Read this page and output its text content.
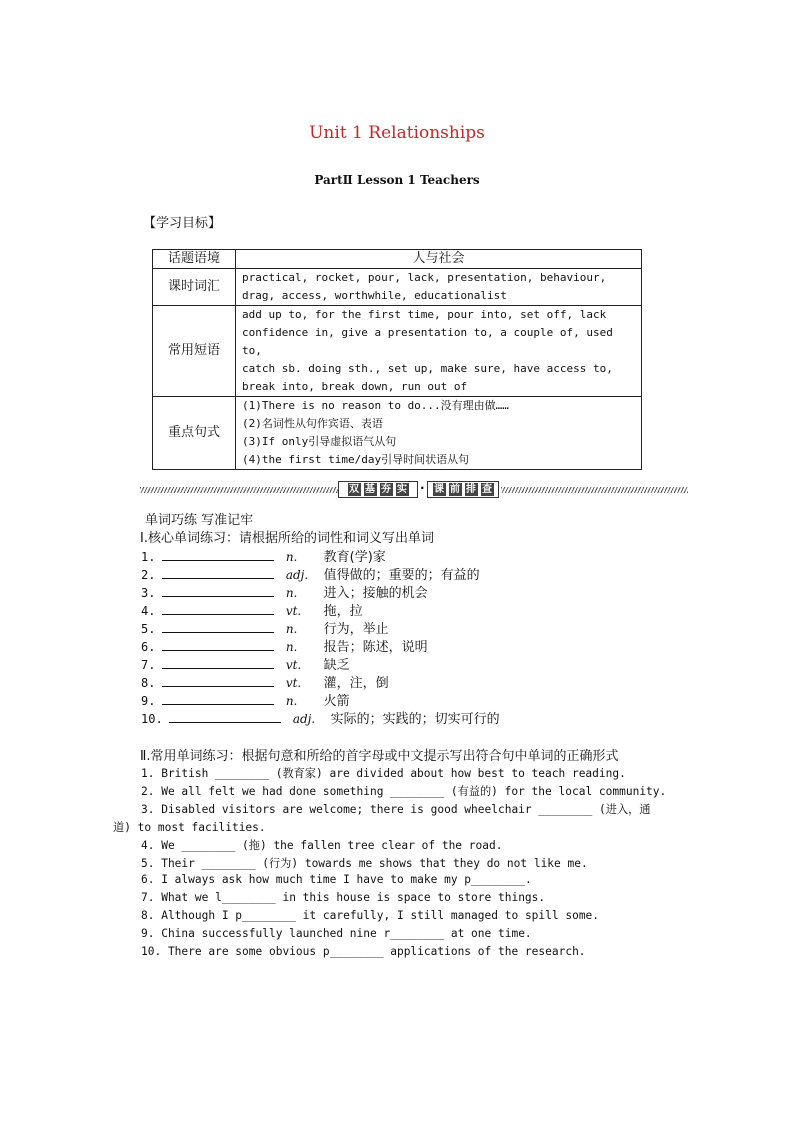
Unit 1 Relationships
PartⅡ Lesson 1 Teachers
【学习目标】
话题语境	人与社会
课时词汇	practical, rocket, pour, lack, presentation, behaviour,
drag, access, worthwhile, educationalist

常用短语	add up to, for the first time, pour into, set off, lack
confidence in, give a presentation to, a couple of, used to,
catch sb. doing sth., set up, make sure, have access to,
break into, break down, run out of

重点句式	(1)There is no reason to do...没有理由做……
(2)名词性从句作宾语、表语
(3)If only引导虚拟语气从句
(4)the first time/day引导时间状语从句
双 基 夯 实 · 课 前 排 查
单词巧练 写准记牢
Ⅰ.核心单词练习：请根据所给的词性和词义写出单词
1.	n. 教育(学)家
2.	adj. 值得做的；重要的；有益的
3.	n. 进入；接触的机会
4.	vt. 拖，拉
5.	n. 行为，举止
6.	n. 报告；陈述，说明
7.	vt. 缺乏
8.	vt. 灌，注，倒
9.	n. 火箭
10.	adj. 实际的；实践的；切实可行的
Ⅱ.常用单词练习：根据句意和所给的首字母或中文提示写出符合句中单词的正确形式
1. British ________ (教育家) are divided about how best to teach reading.
2. We all felt we had done something ________ (有益的) for the local community.
3. Disabled visitors are welcome; there is good wheelchair ________ (进入，通
道) to most facilities.
4. We ________ (拖) the fallen tree clear of the road.
5. Their ________ (行为) towards me shows that they do not like me.
6. I always ask how much time I have to make my p________.
7. What we l________ in this house is space to store things.
8. Although I p________ it carefully, I still managed to spill some.
9. China successfully launched nine r________ at one time.
10. There are some obvious p________ applications of the research.
